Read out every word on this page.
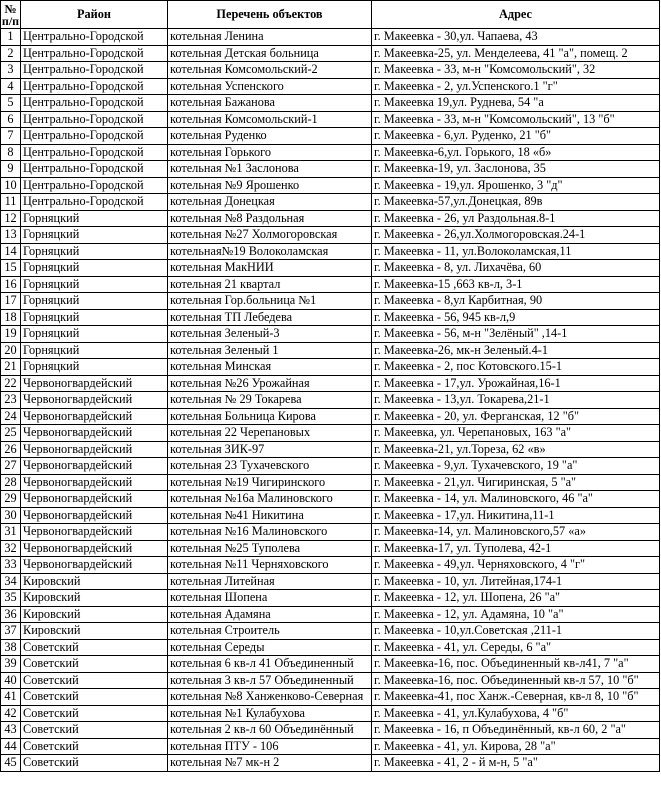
№
п/п	Район	Перечень объектов	Адрес
1	Центрально-Городской	котельная Ленина	г. Макеевка - 30,ул. Чапаева, 43
2	Центрально-Городской	котельная Детская больница	г. Макеевка-25, ул. Менделеева, 41 "а", помещ. 2
3	Центрально-Городской	котельная Комсомольский-2	г. Макеевка - 33, м-н "Комсомольский", 32
4	Центрально-Городской	котельная Успенского	г. Макеевка - 2, ул.Успенского.1 "г"
5	Центрально-Городской	котельная Бажанова	г. Макеевка 19,ул. Руднева, 54 "а
6	Центрально-Городской	котельная Комсомольский-1	г. Макеевка - 33, м-н "Комсомольский", 13 "б"
7	Центрально-Городской	котельная Руденко	г. Макеевка - 6,ул. Руденко, 21 "б"
8	Центрально-Городской	котельная Горького	г. Макеевка-6,ул. Горького, 18 «б»
9	Центрально-Городской	котельная №1 Заслонова	г. Макеевка-19, ул. Заслонова, 35
10	Центрально-Городской	котельная №9 Ярошенко	г. Макеевка - 19,ул. Ярошенко, 3 "д"
11	Центрально-Городской	котельная Донецкая	г. Макеевка-57,ул.Донецкая, 89в
12	Горняцкий	котельная №8 Раздольная	г. Макеевка - 26, ул Раздольная.8-1
13	Горняцкий	котельная №27 Холмогоровская	г. Макеевка - 26,ул.Холмогоровская.24-1
14	Горняцкий	котельная№19 Волоколамская	г. Макеевка - 11, ул.Волоколамская,11
15	Горняцкий	котельная МакНИИ	г. Макеевка - 8, ул. Лихачёва, 60
16	Горняцкий	котельная 21 квартал	г. Макеевка-15 ,663 кв-л, 3-1
17	Горняцкий	котельная Гор.больница №1	г. Макеевка - 8,ул Карбитная, 90
18	Горняцкий	котельная ТП Лебедева	г. Макеевка - 56, 945 кв-л,9
19	Горняцкий	котельная Зеленый-3	г. Макеевка - 56, м-н "Зелёный" ,14-1
20	Горняцкий	котельная Зеленый 1	г. Макеевка-26, мк-н Зеленый.4-1
21	Горняцкий	котельная Минская	г. Макеевка - 2, пос Котовского.15-1
22	Червоногвардейский	котельная №26 Урожайная	г. Макеевка - 17,ул. Урожайная,16-1
23	Червоногвардейский	котельная № 29 Токарева	г. Макеевка - 13,ул. Токарева,21-1
24	Червоногвардейский	котельная Больница Кирова	г. Макеевка - 20, ул. Ферганская, 12 "б"
25	Червоногвардейский	котельная 22 Черепановых	г. Макеевка, ул. Черепановых, 163 "а"
26	Червоногвардейский	котельная ЗИК-97	г. Макеевка-21, ул.Тореза, 62 «в»
27	Червоногвардейский	котельная 23 Тухачевского	г. Макеевка - 9,ул. Тухачевского, 19 "а"
28	Червоногвардейский	котельная №19 Чигиринского	г. Макеевка - 21,ул. Чигиринская, 5 "а"
29	Червоногвардейский	котельная №16а Малиновского	г. Макеевка - 14, ул. Малиновского, 46 "а"
30	Червоногвардейский	котельная №41 Никитина	г. Макеевка - 17,ул. Никитина,11-1
31	Червоногвардейский	котельная №16 Малиновского	г. Макеевка-14, ул. Малиновского,57 «а»
32	Червоногвардейский	котельная №25 Туполева	г. Макеевка-17, ул. Туполева, 42-1
33	Червоногвардейский	котельная №11 Черняховского	г. Макеевка - 49,ул. Черняховского, 4 "г"
34	Кировский	котельная Литейная	г. Макеевка - 10, ул. Литейная,174-1
35	Кировский	котельная Шопена	г. Макеевка - 12, ул. Шопена, 26 "а"
36	Кировский	котельная Адамяна	г. Макеевка - 12, ул. Адамяна, 10 "а"
37	Кировский	котельная Строитель	г. Макеевка - 10,ул.Советская ,211-1
38	Советский	котельная Середы	г. Макеевка - 41, ул. Середы, 6 "а"
39	Советский	котельная 6 кв-л 41 Объединенный	г. Макеевка-16, пос. Объединенный кв-л41, 7 "а"
40	Советский	котельная 3 кв-л 57 Объединенный	г. Макеевка-16, пос. Объединенный кв-л 57, 10 "б"
41	Советский	котельная №8 Ханженково-Северная	г. Макеевка-41, пос Ханж.-Северная, кв-л 8, 10 "б"
42	Советский	котельная №1 Кулабухова	г. Макеевка - 41, ул.Кулабухова, 4 "б"
43	Советский	котельная 2 кв-л 60 Объединённый	г. Макеевка - 16, п Объединённый, кв-л 60, 2 "а"
44	Советский	котельная ПТУ - 106	г. Макеевка - 41, ул. Кирова, 28 "а"
45	Советский	котельная №7 мк-н 2	г. Макеевка - 41, 2 - й м-н, 5 "а"
